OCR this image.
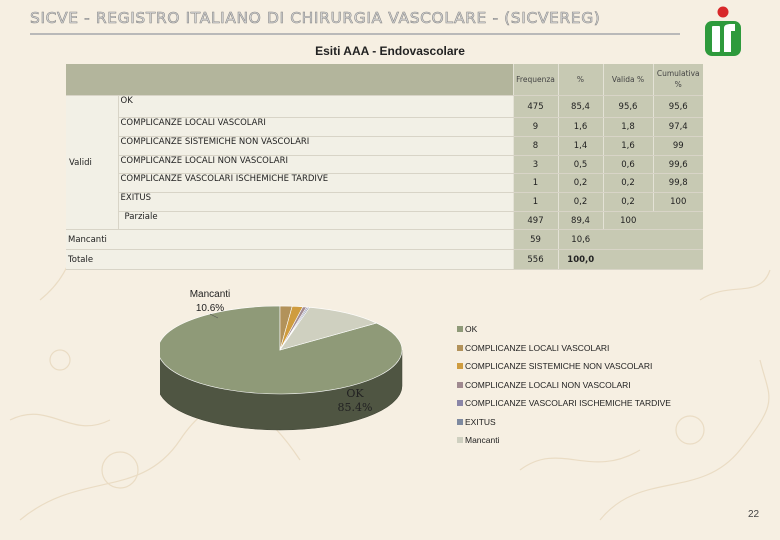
SICVE - REGISTRO ITALIANO DI CHIRURGIA VASCOLARE - (SICVEREG)
Esiti AAA - Endovascolare
		Frequenza	%	Valida %	Cumulativa %
Validi	OK	475	85,4	95,6	95,6
	COMPLICANZE LOCALI VASCOLARI	9	1,6	1,8	97,4
	COMPLICANZE SISTEMICHE NON VASCOLARI	8	1,4	1,6	99
	COMPLICANZE LOCALI NON VASCOLARI	3	0,5	0,6	99,6
	COMPLICANZE VASCOLARI ISCHEMICHE TARDIVE	1	0,2	0,2	99,8
	EXITUS	1	0,2	0,2	100
	Parziale	497	89,4	100	
Mancanti		59	10,6		
Totale		556	100,0		
OK 85.4%
Mancanti 10.6%
OK
COMPLICANZE LOCALI VASCOLARI
COMPLICANZE SISTEMICHE NON VASCOLARI
COMPLICANZE LOCALI NON VASCOLARI
COMPLICANZE VASCOLARI ISCHEMICHE TARDIVE
EXITUS
Mancanti
22
